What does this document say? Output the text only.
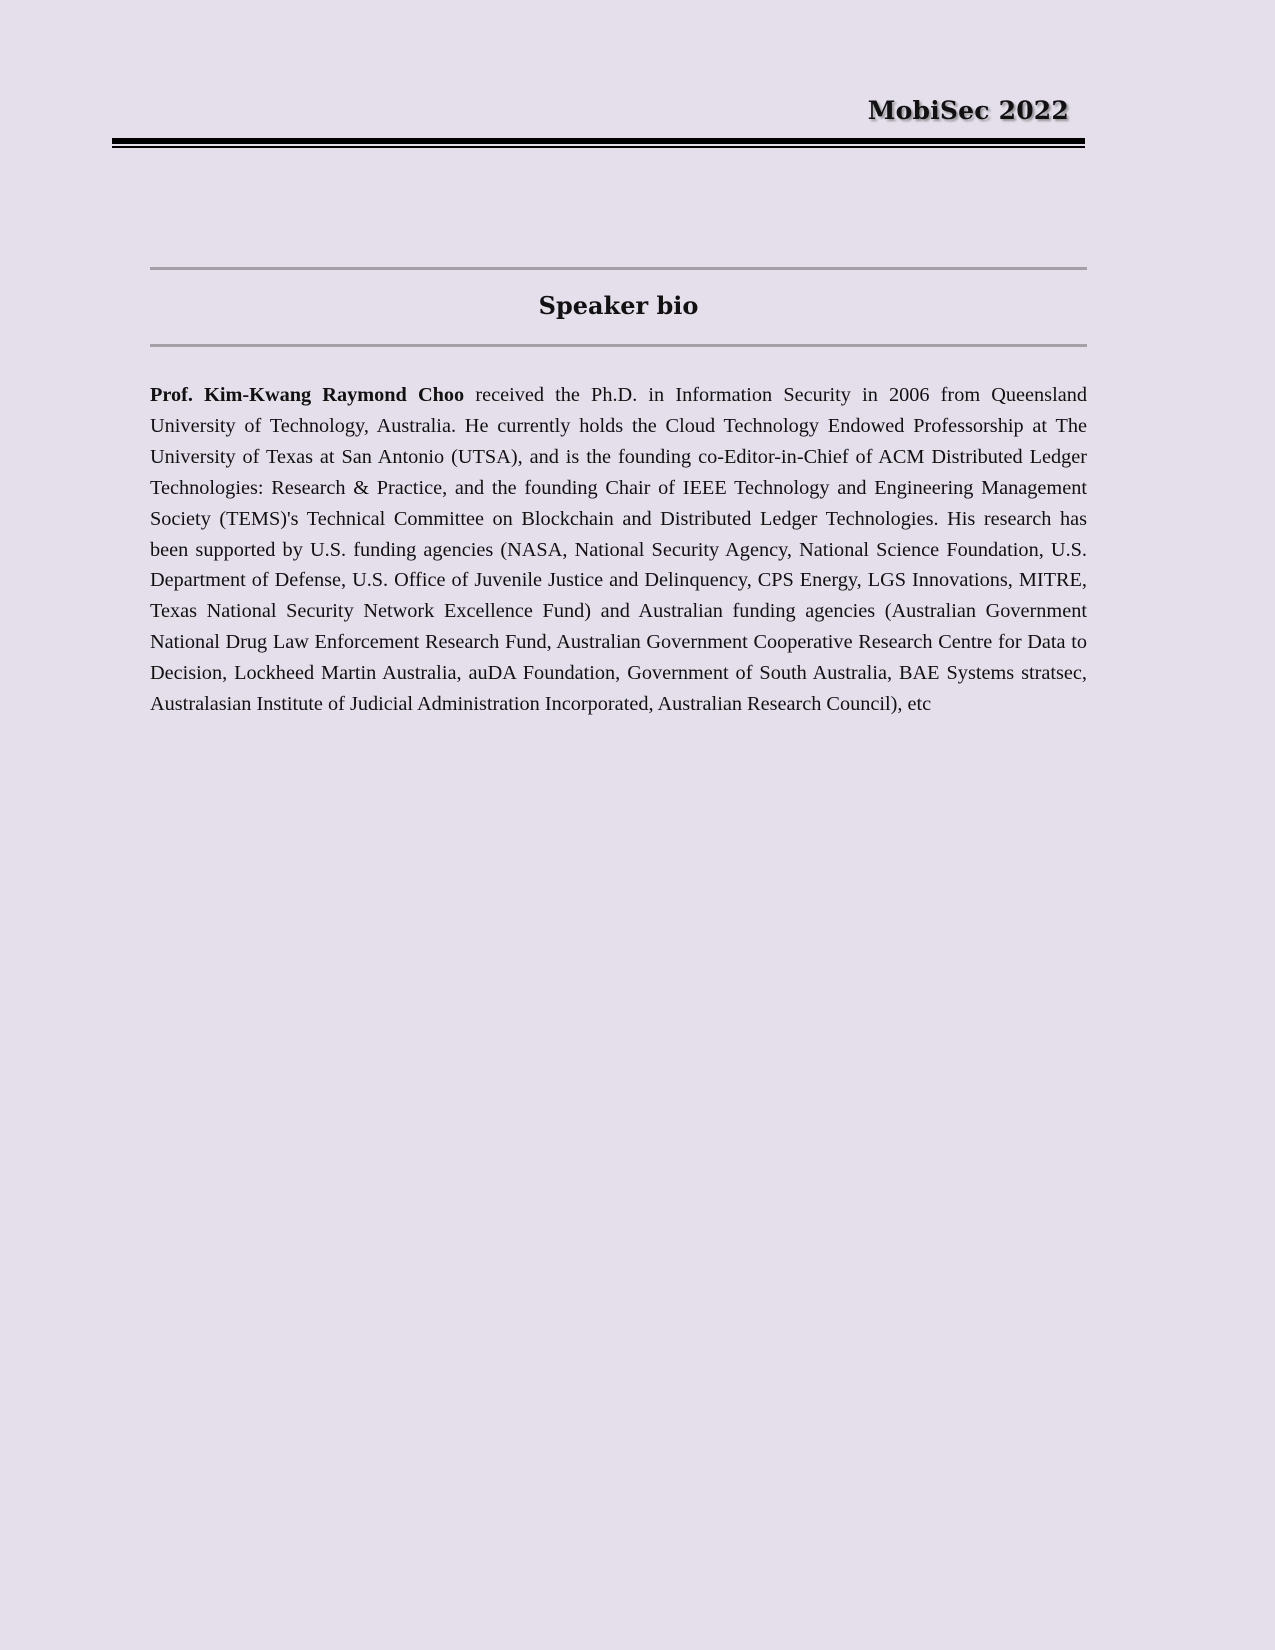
MobiSec 2022
Speaker bio

Prof. Kim-Kwang Raymond Choo received the Ph.D. in Information Security in 2006 from Queensland University of Technology, Australia. He currently holds the Cloud Technology Endowed Professorship at The University of Texas at San Antonio (UTSA), and is the founding co-Editor-in-Chief of ACM Distributed Ledger Technologies: Research & Practice, and the founding Chair of IEEE Technology and Engineering Management Society (TEMS)'s Technical Committee on Blockchain and Distributed Ledger Technologies. His research has been supported by U.S. funding agencies (NASA, National Security Agency, National Science Foundation, U.S. Department of Defense, U.S. Office of Juvenile Justice and Delinquency, CPS Energy, LGS Innovations, MITRE, Texas National Security Network Excellence Fund) and Australian funding agencies (Australian Government National Drug Law Enforcement Research Fund, Australian Government Cooperative Research Centre for Data to Decision, Lockheed Martin Australia, auDA Foundation, Government of South Australia, BAE Systems stratsec, Australasian Institute of Judicial Administration Incorporated, Australian Research Council), etc
